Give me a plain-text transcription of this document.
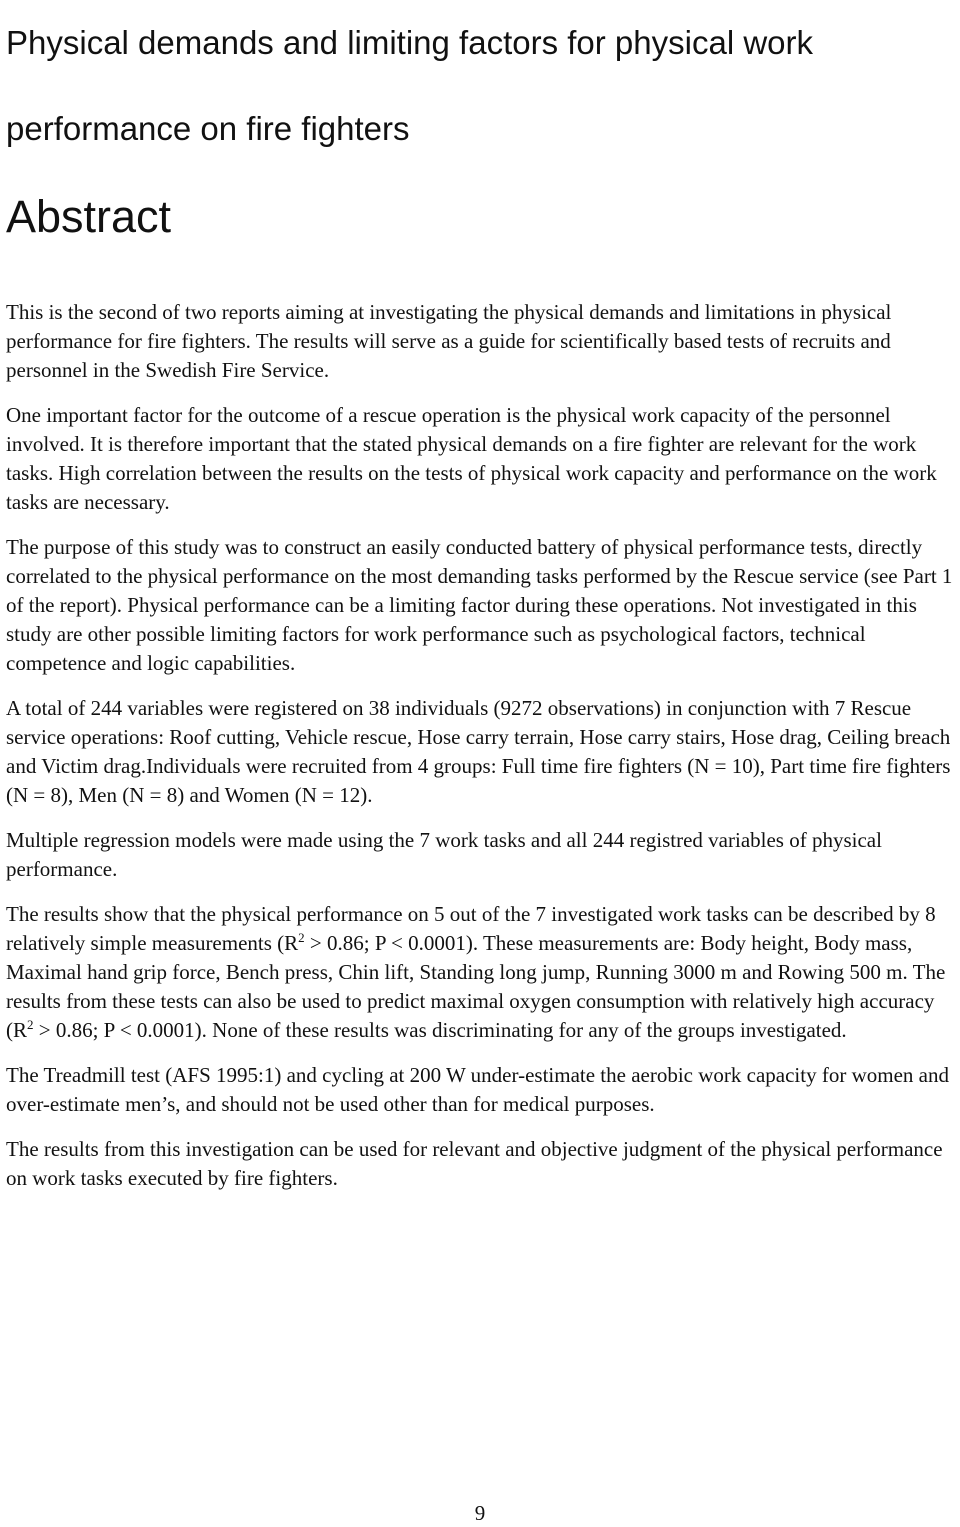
Physical demands and limiting factors for physical work performance on fire fighters
Abstract

This is the second of two reports aiming at investigating the physical demands and limitations in physical performance for fire fighters. The results will serve as a guide for scientifically based tests of recruits and personnel in the Swedish Fire Service.

One important factor for the outcome of a rescue operation is the physical work capacity of the personnel involved. It is therefore important that the stated physical demands on a fire fighter are relevant for the work tasks. High correlation between the results on the tests of physical work capacity and performance on the work tasks are necessary.

The purpose of this study was to construct an easily conducted battery of physical performance tests, directly correlated to the physical performance on the most demanding tasks performed by the Rescue service (see Part 1 of the report). Physical performance can be a limiting factor during these operations. Not investigated in this study are other possible limiting factors for work performance such as psychological factors, technical competence and logic capabilities.

A total of 244 variables were registered on 38 individuals (9272 observations) in conjunction with 7 Rescue service operations: Roof cutting, Vehicle rescue, Hose carry terrain, Hose carry stairs, Hose drag, Ceiling breach and Victim drag.Individuals were recruited from 4 groups: Full time fire fighters (N = 10), Part time fire fighters (N = 8), Men (N = 8) and Women (N = 12).

Multiple regression models were made using the 7 work tasks and all 244 registred variables of physical performance.

The results show that the physical performance on 5 out of the 7 investigated work tasks can be described by 8 relatively simple measurements ($R^2 > 0.86$; P < 0.0001). These measurements are: Body height, Body mass, Maximal hand grip force, Bench press, Chin lift, Standing long jump, Running 3000 m and Rowing 500 m. The results from these tests can also be used to predict maximal oxygen consumption with relatively high accuracy ($R^2 > 0.86$; P < 0.0001). None of these results was discriminating for any of the groups investigated.

The Treadmill test (AFS 1995:1) and cycling at 200 W under-estimate the aerobic work capacity for women and over-estimate men’s, and should not be used other than for medical purposes.

The results from this investigation can be used for relevant and objective judgment of the physical performance on work tasks executed by fire fighters.

9
